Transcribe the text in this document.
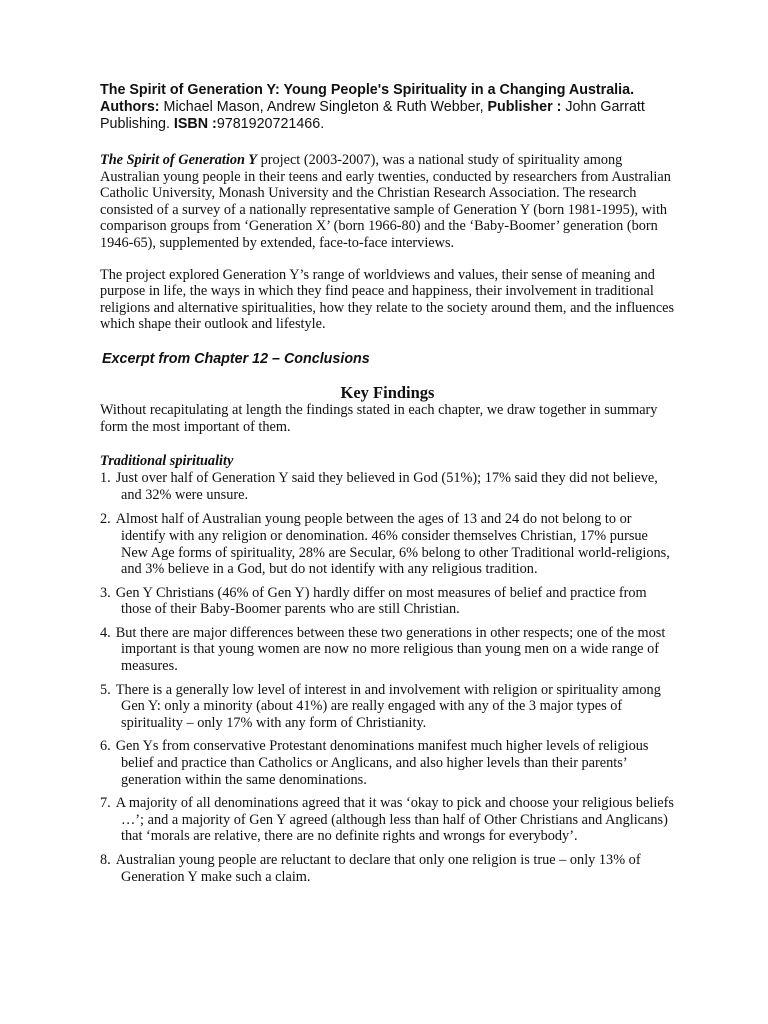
The Spirit of Generation Y: Young People's Spirituality in a Changing Australia.
Authors: Michael Mason, Andrew Singleton & Ruth Webber, Publisher : John Garratt Publishing. ISBN :9781920721466.

The Spirit of Generation Y project (2003-2007), was a national study of spirituality among Australian young people in their teens and early twenties, conducted by researchers from Australian Catholic University, Monash University and the Christian Research Association. The research consisted of a survey of a nationally representative sample of Generation Y (born 1981-1995), with comparison groups from ‘Generation X’ (born 1966-80) and the ‘Baby-Boomer’ generation (born 1946-65), supplemented by extended, face-to-face interviews.

The project explored Generation Y’s range of worldviews and values, their sense of meaning and purpose in life, the ways in which they find peace and happiness, their involvement in traditional religions and alternative spiritualities, how they relate to the society around them, and the influences which shape their outlook and lifestyle.

Excerpt from Chapter 12 – Conclusions

Key Findings

Without recapitulating at length the findings stated in each chapter, we draw together in summary form the most important of them.

Traditional spirituality

1. Just over half of Generation Y said they believed in God (51%); 17% said they did not believe, and 32% were unsure.
2. Almost half of Australian young people between the ages of 13 and 24 do not belong to or identify with any religion or denomination. 46% consider themselves Christian, 17% pursue New Age forms of spirituality, 28% are Secular, 6% belong to other Traditional world-religions, and 3% believe in a God, but do not identify with any religious tradition.
3. Gen Y Christians (46% of Gen Y) hardly differ on most measures of belief and practice from those of their Baby-Boomer parents who are still Christian.
4. But there are major differences between these two generations in other respects; one of the most important is that young women are now no more religious than young men on a wide range of measures.
5. There is a generally low level of interest in and involvement with religion or spirituality among Gen Y: only a minority (about 41%) are really engaged with any of the 3 major types of spirituality – only 17% with any form of Christianity.
6. Gen Ys from conservative Protestant denominations manifest much higher levels of religious belief and practice than Catholics or Anglicans, and also higher levels than their parents’ generation within the same denominations.
7. A majority of all denominations agreed that it was ‘okay to pick and choose your religious beliefs …’; and a majority of Gen Y agreed (although less than half of Other Christians and Anglicans) that ‘morals are relative, there are no definite rights and wrongs for everybody’.
8. Australian young people are reluctant to declare that only one religion is true – only 13% of Generation Y make such a claim.
